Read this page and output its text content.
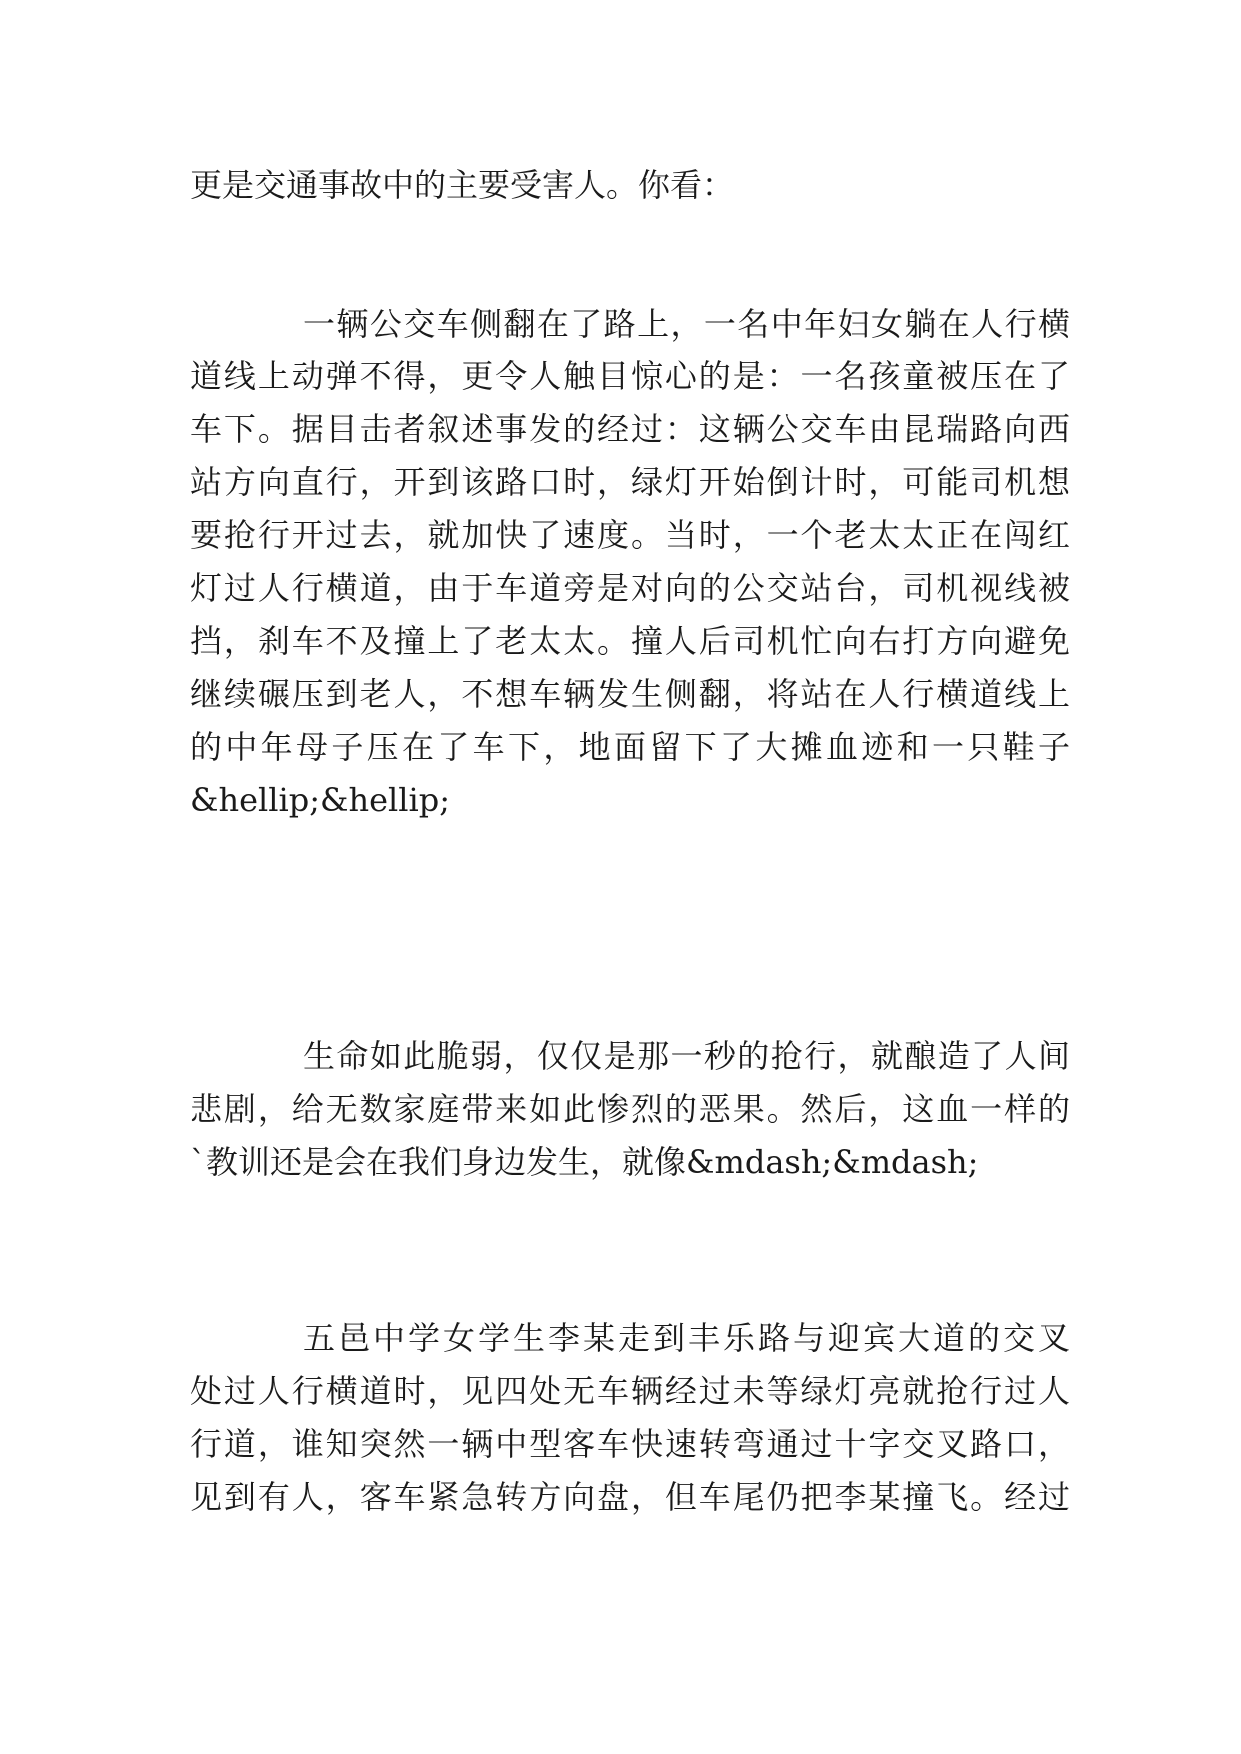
更是交通事故中的主要受害人。你看：
一辆公交车侧翻在了路上，一名中年妇女躺在人行横
道线上动弹不得，更令人触目惊心的是：一名孩童被压在了
车下。据目击者叙述事发的经过：这辆公交车由昆瑞路向西
站方向直行，开到该路口时，绿灯开始倒计时，可能司机想
要抢行开过去，就加快了速度。当时，一个老太太正在闯红
灯过人行横道，由于车道旁是对向的公交站台，司机视线被
挡，刹车不及撞上了老太太。撞人后司机忙向右打方向避免
继续碾压到老人，不想车辆发生侧翻，将站在人行横道线上
的中年母子压在了车下，地面留下了大摊血迹和一只鞋子
&hellip;&hellip;
生命如此脆弱，仅仅是那一秒的抢行，就酿造了人间
悲剧，给无数家庭带来如此惨烈的恶果。然后，这血一样的
`教训还是会在我们身边发生，就像&mdash;&mdash;
五邑中学女学生李某走到丰乐路与迎宾大道的交叉
处过人行横道时，见四处无车辆经过未等绿灯亮就抢行过人
行道，谁知突然一辆中型客车快速转弯通过十字交叉路口，
见到有人，客车紧急转方向盘，但车尾仍把李某撞飞。经过
